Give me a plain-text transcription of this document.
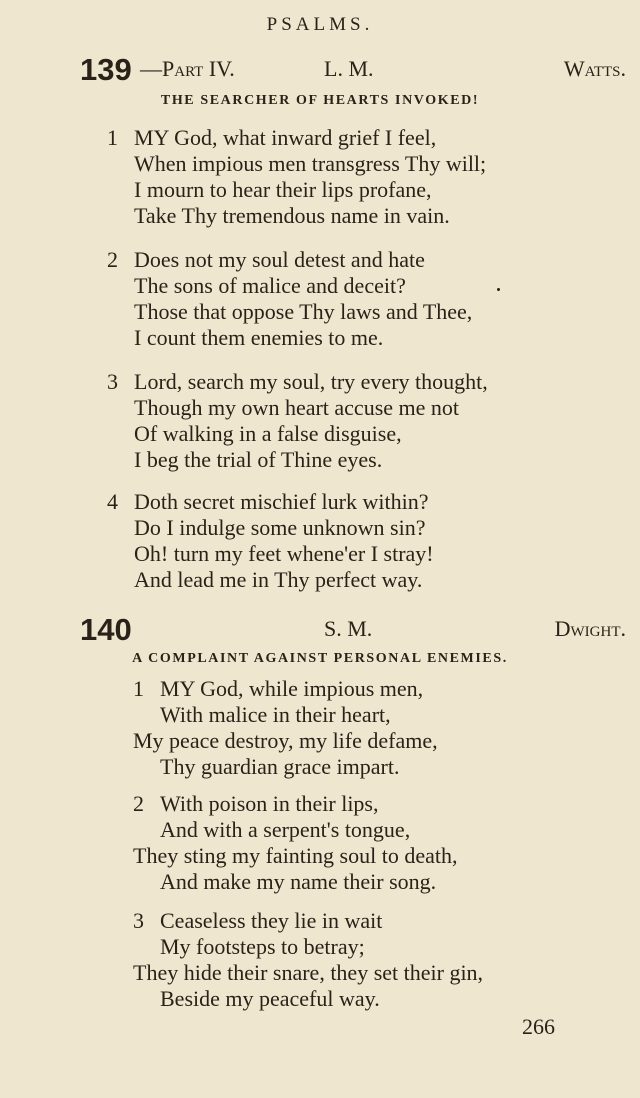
PSALMS.
139 —Part IV.	L. M.	Watts.
THE SEARCHER OF HEARTS INVOKED!
1 MY God, what inward grief I feel,
When impious men transgress Thy will;
I mourn to hear their lips profane,
Take Thy tremendous name in vain.
2 Does not my soul detest and hate
The sons of malice and deceit?
Those that oppose Thy laws and Thee,
I count them enemies to me.
3 Lord, search my soul, try every thought,
Though my own heart accuse me not
Of walking in a false disguise,
I beg the trial of Thine eyes.
4 Doth secret mischief lurk within?
Do I indulge some unknown sin?
Oh! turn my feet whene'er I stray!
And lead me in Thy perfect way.
140	S. M.	Dwight.
A COMPLAINT AGAINST PERSONAL ENEMIES.
1 MY God, while impious men,
With malice in their heart,
My peace destroy, my life defame,
Thy guardian grace impart.
2 With poison in their lips,
And with a serpent's tongue,
They sting my fainting soul to death,
And make my name their song.
3 Ceaseless they lie in wait
My footsteps to betray;
They hide their snare, they set their gin,
Beside my peaceful way.
266
